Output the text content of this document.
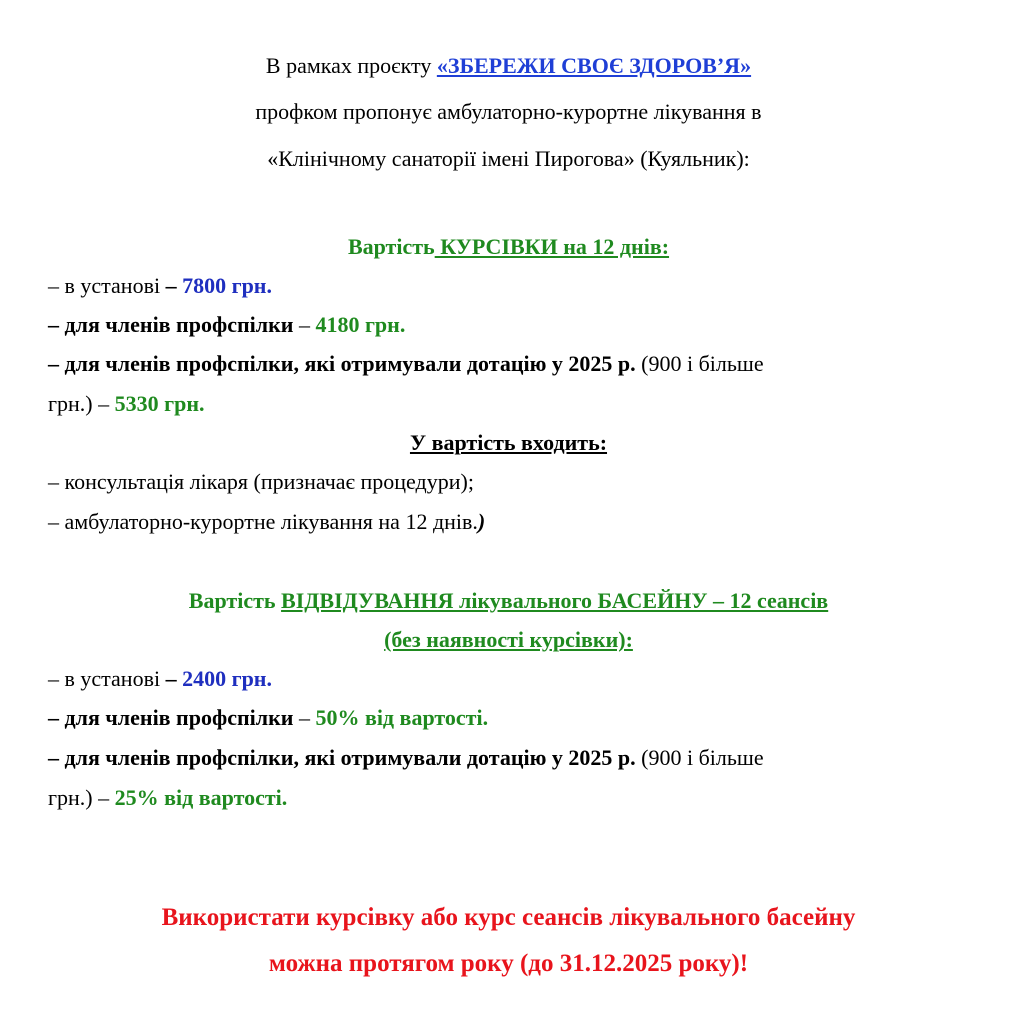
В рамках проєкту «ЗБЕРЕЖИ СВОЄ ЗДОРОВ’Я»
профком пропонує амбулаторно-курортне лікування в
«Клінічному санаторії імені Пирогова» (Куяльник):
Вартість КУРСІВКИ на 12 днів:
– в установі – 7800 грн.
– для членів профспілки – 4180 грн.
– для членів профспілки, які отримували дотацію у 2025 р. (900 і більше
грн.) – 5330 грн.
У вартість входить:
– консультація лікаря (призначає процедури);
– амбулаторно-курортне лікування на 12 днів.)
Вартість ВІДВІДУВАННЯ лікувального БАСЕЙНУ – 12 сеансів
(без наявності курсівки):
– в установі – 2400 грн.
– для членів профспілки – 50% від вартості.
– для членів профспілки, які отримували дотацію у 2025 р. (900 і більше
грн.) – 25% від вартості.
Використати курсівку або курс сеансів лікувального басейну
можна протягом року (до 31.12.2025 року)!
